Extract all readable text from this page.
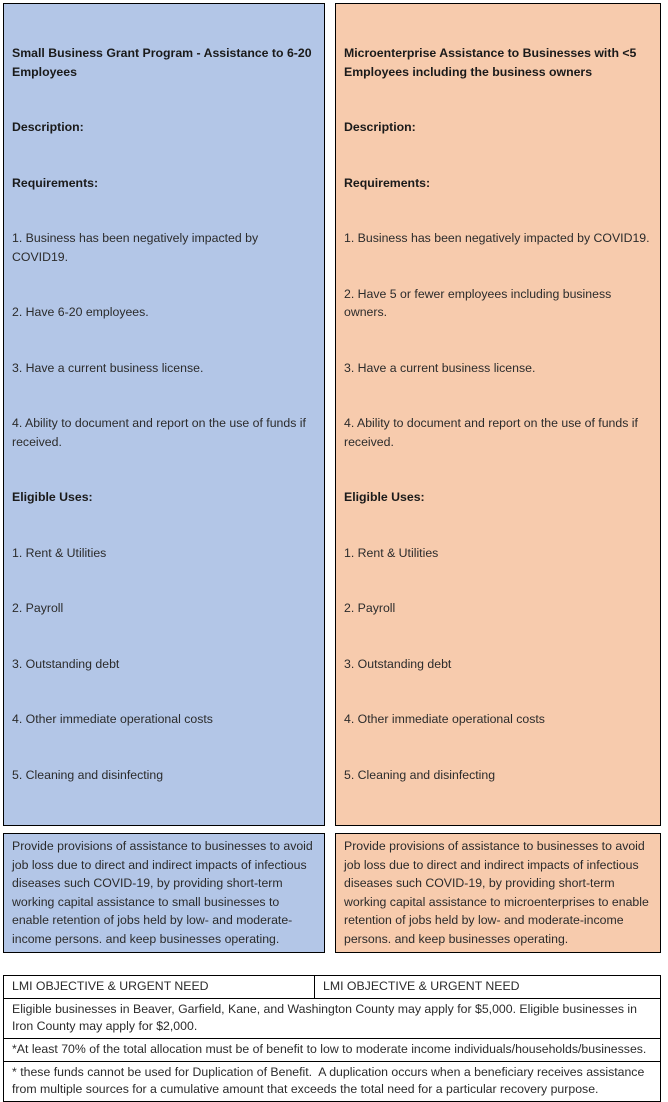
Small Business Grant Program - Assistance to 6-20 Employees

Description:

Requirements:

1. Business has been negatively impacted by COVID19.

2. Have 6-20 employees.

3. Have a current business license.

4. Ability to document and report on the use of funds if received.

Eligible Uses:

1. Rent & Utilities

2. Payroll

3. Outstanding debt

4. Other immediate operational costs

5. Cleaning and disinfecting

Microenterprise Assistance to Businesses with <5 Employees including the business owners

Description:

Requirements:

1. Business has been negatively impacted by COVID19.

2. Have 5 or fewer employees including business owners.

3. Have a current business license.

4. Ability to document and report on the use of funds if received.

Eligible Uses:

1. Rent & Utilities

2. Payroll

3. Outstanding debt

4. Other immediate operational costs

5. Cleaning and disinfecting

Provide provisions of assistance to businesses to avoid job loss due to direct and indirect impacts of infectious diseases such COVID-19, by providing short-term working capital assistance to small businesses to enable retention of jobs held by low- and moderate-income persons. and keep businesses operating.
Provide provisions of assistance to businesses to avoid job loss due to direct and indirect impacts of infectious diseases such COVID-19, by providing short-term working capital assistance to microenterprises to enable retention of jobs held by low- and moderate-income persons. and keep businesses operating.
LMI OBJECTIVE & URGENT NEED	LMI OBJECTIVE & URGENT NEED
Eligible businesses in Beaver, Garfield, Kane, and Washington County may apply for $5,000. Eligible businesses in Iron County may apply for $2,000.
*At least 70% of the total allocation must be of benefit to low to moderate income individuals/households/businesses.
* these funds cannot be used for Duplication of Benefit.  A duplication occurs when a beneficiary receives assistance from multiple sources for a cumulative amount that exceeds the total need for a particular recovery purpose.
